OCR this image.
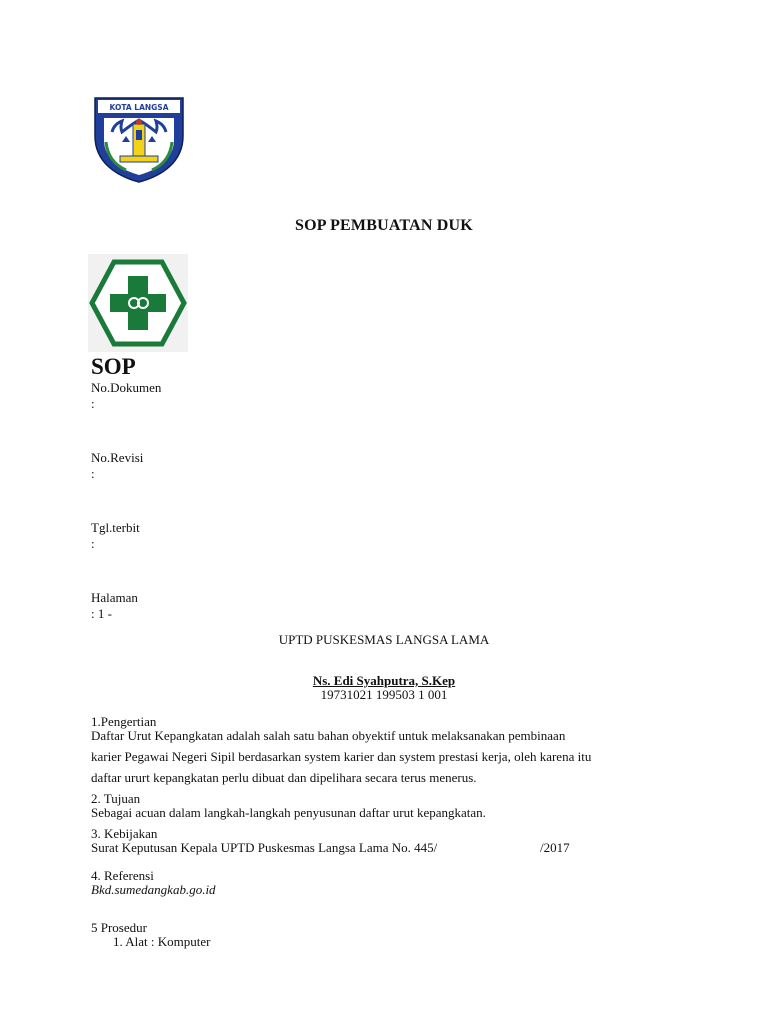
KOTA LANGSA
SOP PEMBUATAN DUK
SOP
No.Dokumen
:
No.Revisi
:
Tgl.terbit
:
Halaman
: 1 -
UPTD PUSKESMAS LANGSA LAMA
Ns. Edi Syahputra, S.Kep
19731021 199503 1 001
1.Pengertian
Daftar Urut Kepangkatan adalah salah satu bahan obyektif untuk melaksanakan pembinaan
karier Pegawai Negeri Sipil berdasarkan system karier dan system prestasi kerja, oleh karena itu
daftar ururt kepangkatan perlu dibuat dan dipelihara secara terus menerus.
2. Tujuan
Sebagai acuan dalam langkah-langkah penyusunan daftar urut kepangkatan.
3. Kebijakan
Surat Keputusan Kepala UPTD Puskesmas Langsa Lama No. 445/	/2017
4. Referensi
Bkd.sumedangkab.go.id
5 Prosedur
1. Alat : Komputer
